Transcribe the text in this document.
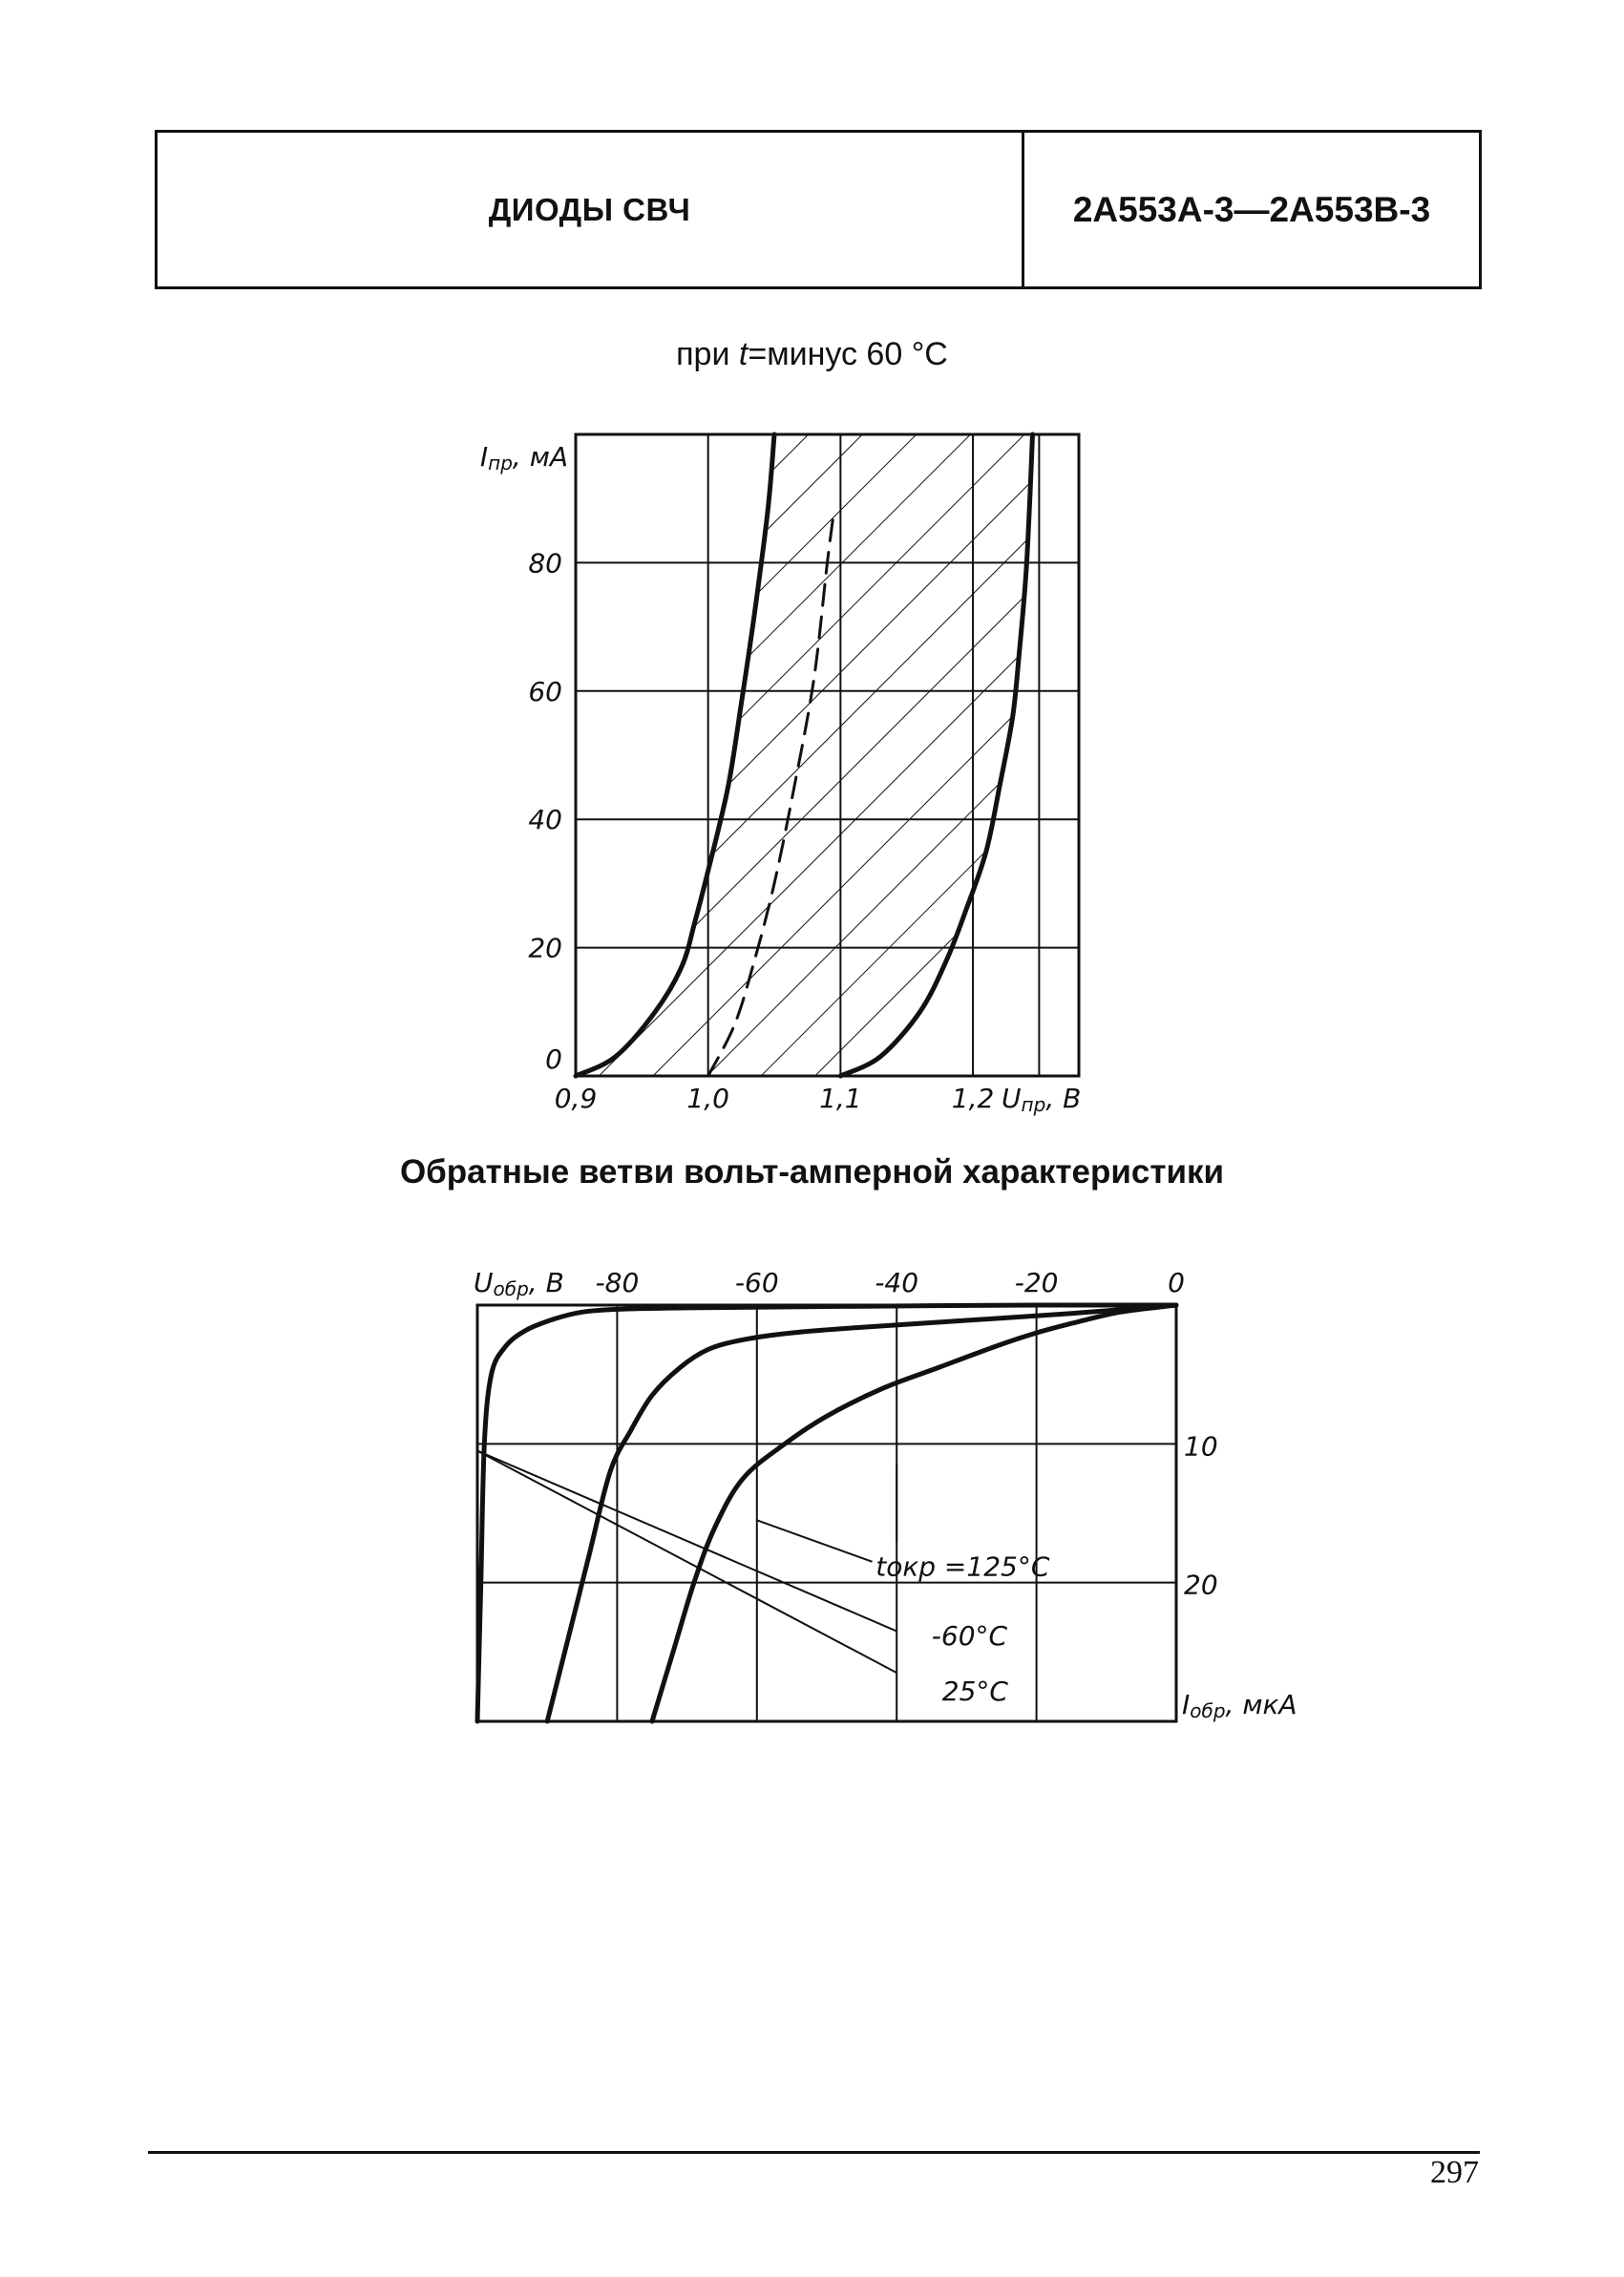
ДИОДЫ СВЧ	2А553А-3—2А553В-3
при t=минус 60 °С
0
20
40
60
80
0,9	1,0	1,1	1,2
Iпр, мА
Uпр, В
Обратные ветви вольт-амперной характеристики
tокр =125°С
-60°С
25°С
-80	-60	-40	-20	0
Uобр, В
10
20
Iобр, мкА
297
